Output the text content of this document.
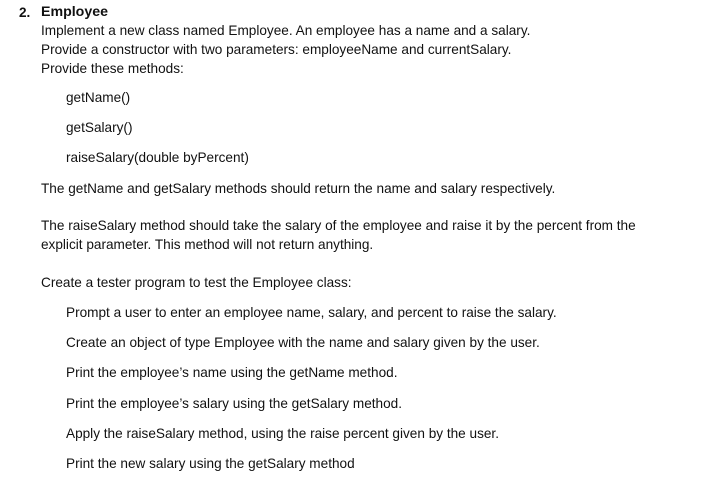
2. Employee
Implement a new class named Employee. An employee has a name and a salary.
Provide a constructor with two parameters: employeeName and currentSalary.
Provide these methods:
getName()
getSalary()
raiseSalary(double byPercent)
The getName and getSalary methods should return the name and salary respectively.
The raiseSalary method should take the salary of the employee and raise it by the percent from the
explicit parameter. This method will not return anything.
Create a tester program to test the Employee class:
Prompt a user to enter an employee name, salary, and percent to raise the salary.
Create an object of type Employee with the name and salary given by the user.
Print the employee’s name using the getName method.
Print the employee’s salary using the getSalary method.
Apply the raiseSalary method, using the raise percent given by the user.
Print the new salary using the getSalary method
